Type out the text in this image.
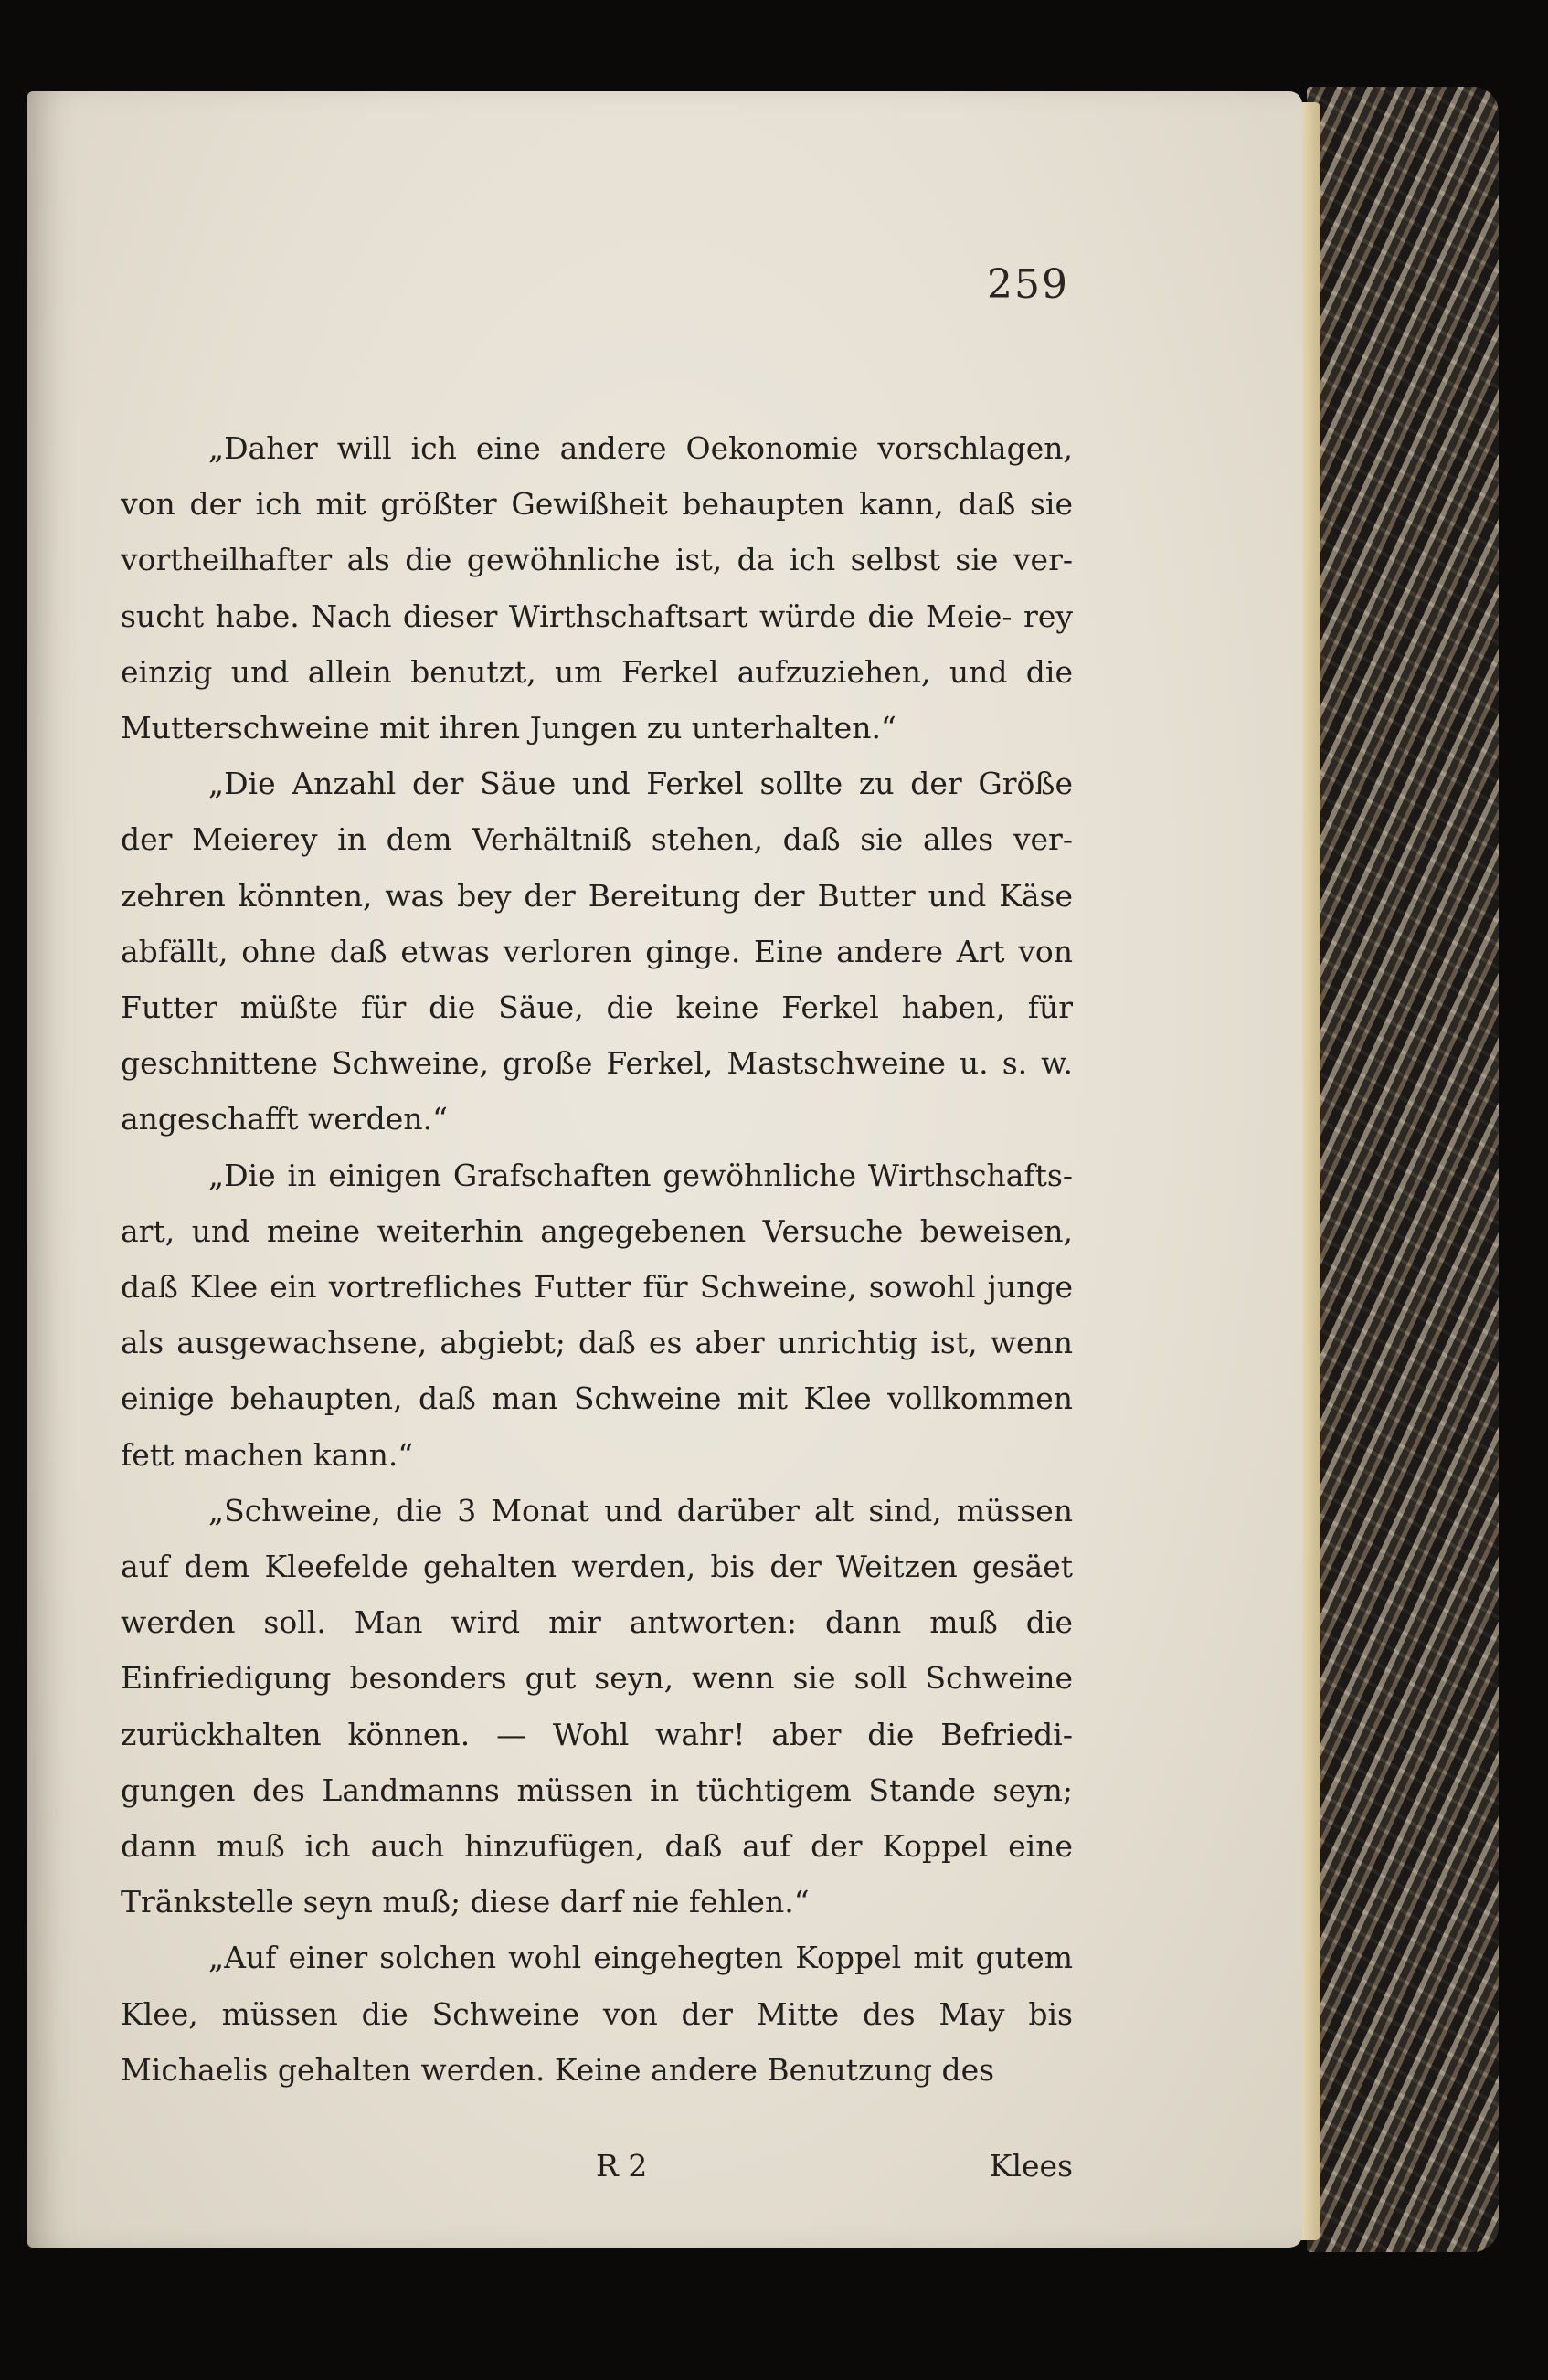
259

„Daher will ich eine andere Oekonomie vorschlagen, von der ich mit größter Gewißheit behaupten kann, daß sie vortheilhafter als die gewöhnliche ist, da ich selbst sie ver- sucht habe. Nach dieser Wirthschaftsart würde die Meie- rey einzig und allein benutzt, um Ferkel aufzuziehen, und die Mutterschweine mit ihren Jungen zu unterhalten.“

„Die Anzahl der Säue und Ferkel sollte zu der Größe der Meierey in dem Verhältniß stehen, daß sie alles ver- zehren könnten, was bey der Bereitung der Butter und Käse abfällt, ohne daß etwas verloren ginge. Eine andere Art von Futter müßte für die Säue, die keine Ferkel haben, für geschnittene Schweine, große Ferkel, Mastschweine u. s. w. angeschafft werden.“

„Die in einigen Grafschaften gewöhnliche Wirthschafts- art, und meine weiterhin angegebenen Versuche beweisen, daß Klee ein vortrefliches Futter für Schweine, sowohl junge als ausgewachsene, abgiebt; daß es aber unrichtig ist, wenn einige behaupten, daß man Schweine mit Klee vollkommen fett machen kann.“

„Schweine, die 3 Monat und darüber alt sind, müssen auf dem Kleefelde gehalten werden, bis der Weitzen gesäet werden soll. Man wird mir antworten: dann muß die Einfriedigung besonders gut seyn, wenn sie soll Schweine zurückhalten können. — Wohl wahr! aber die Befriedi- gungen des Landmanns müssen in tüchtigem Stande seyn; dann muß ich auch hinzufügen, daß auf der Koppel eine Tränkstelle seyn muß; diese darf nie fehlen.“

„Auf einer solchen wohl eingehegten Koppel mit gutem Klee, müssen die Schweine von der Mitte des May bis Michaelis gehalten werden. Keine andere Benutzung des

R 2	Klees
